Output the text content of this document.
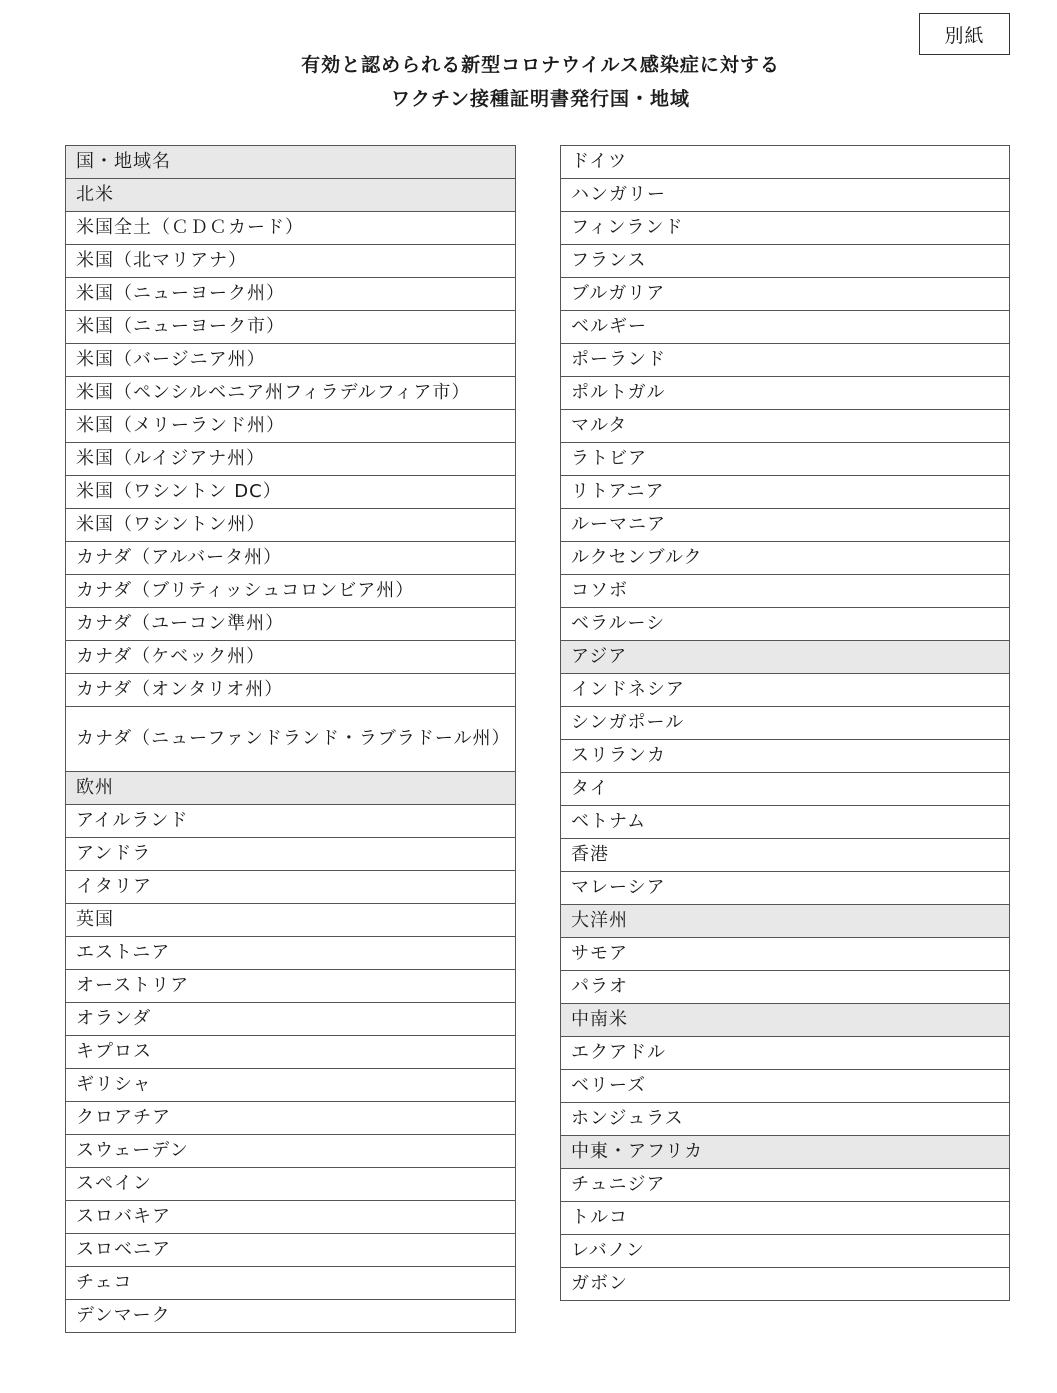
別紙
有効と認められる新型コロナウイルス感染症に対する
ワクチン接種証明書発行国・地域
国・地域名
北米
米国全土（ＣＤＣカード）
米国（北マリアナ）
米国（ニューヨーク州）
米国（ニューヨーク市）
米国（バージニア州）
米国（ペンシルベニア州フィラデルフィア市）
米国（メリーランド州）
米国（ルイジアナ州）
米国（ワシントン DC）
米国（ワシントン州）
カナダ（アルバータ州）
カナダ（ブリティッシュコロンビア州）
カナダ（ユーコン準州）
カナダ（ケベック州）
カナダ（オンタリオ州）
カナダ（ニューファンドランド・ラブラドール州）
欧州
アイルランド
アンドラ
イタリア
英国
エストニア
オーストリア
オランダ
キプロス
ギリシャ
クロアチア
スウェーデン
スペイン
スロバキア
スロベニア
チェコ
デンマーク
ドイツ
ハンガリー
フィンランド
フランス
ブルガリア
ベルギー
ポーランド
ポルトガル
マルタ
ラトビア
リトアニア
ルーマニア
ルクセンブルク
コソボ
ベラルーシ
アジア
インドネシア
シンガポール
スリランカ
タイ
ベトナム
香港
マレーシア
大洋州
サモア
パラオ
中南米
エクアドル
ベリーズ
ホンジュラス
中東・アフリカ
チュニジア
トルコ
レバノン
ガボン
